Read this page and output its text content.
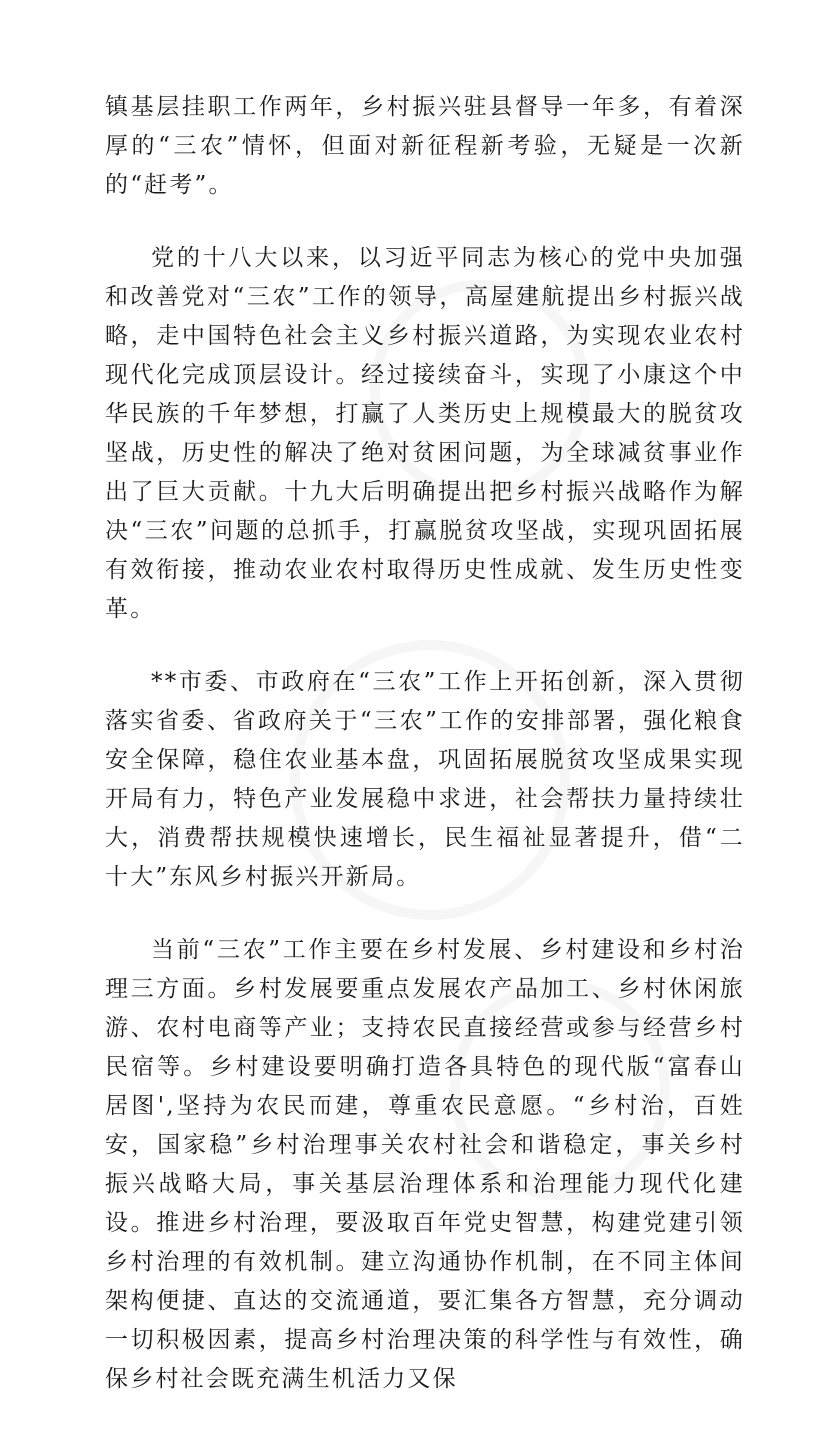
镇基层挂职工作两年，乡村振兴驻县督导一年多，有着深厚的“三农”情怀，但面对新征程新考验，无疑是一次新的“赶考”。

党的十八大以来，以习近平同志为核心的党中央加强和改善党对“三农”工作的领导，高屋建航提出乡村振兴战略，走中国特色社会主义乡村振兴道路，为实现农业农村现代化完成顶层设计。经过接续奋斗，实现了小康这个中华民族的千年梦想，打赢了人类历史上规模最大的脱贫攻坚战，历史性的解决了绝对贫困问题，为全球减贫事业作出了巨大贡献。十九大后明确提出把乡村振兴战略作为解决“三农”问题的总抓手，打赢脱贫攻坚战，实现巩固拓展有效衔接，推动农业农村取得历史性成就、发生历史性变革。

**市委、市政府在“三农”工作上开拓创新，深入贯彻落实省委、省政府关于“三农”工作的安排部署，强化粮食安全保障，稳住农业基本盘，巩固拓展脱贫攻坚成果实现开局有力，特色产业发展稳中求进，社会帮扶力量持续壮大，消费帮扶规模快速增长，民生福祉显著提升，借“二十大”东风乡村振兴开新局。

当前“三农”工作主要在乡村发展、乡村建设和乡村治理三方面。乡村发展要重点发展农产品加工、乡村休闲旅游、农村电商等产业；支持农民直接经营或参与经营乡村民宿等。乡村建设要明确打造各具特色的现代版“富春山居图',坚持为农民而建，尊重农民意愿。“乡村治，百姓安，国家稳”乡村治理事关农村社会和谐稳定，事关乡村振兴战略大局，事关基层治理体系和治理能力现代化建设。推进乡村治理，要汲取百年党史智慧，构建党建引领乡村治理的有效机制。建立沟通协作机制，在不同主体间架构便捷、直达的交流通道，要汇集各方智慧，充分调动一切积极因素，提高乡村治理决策的科学性与有效性，确保乡村社会既充满生机活力又保
